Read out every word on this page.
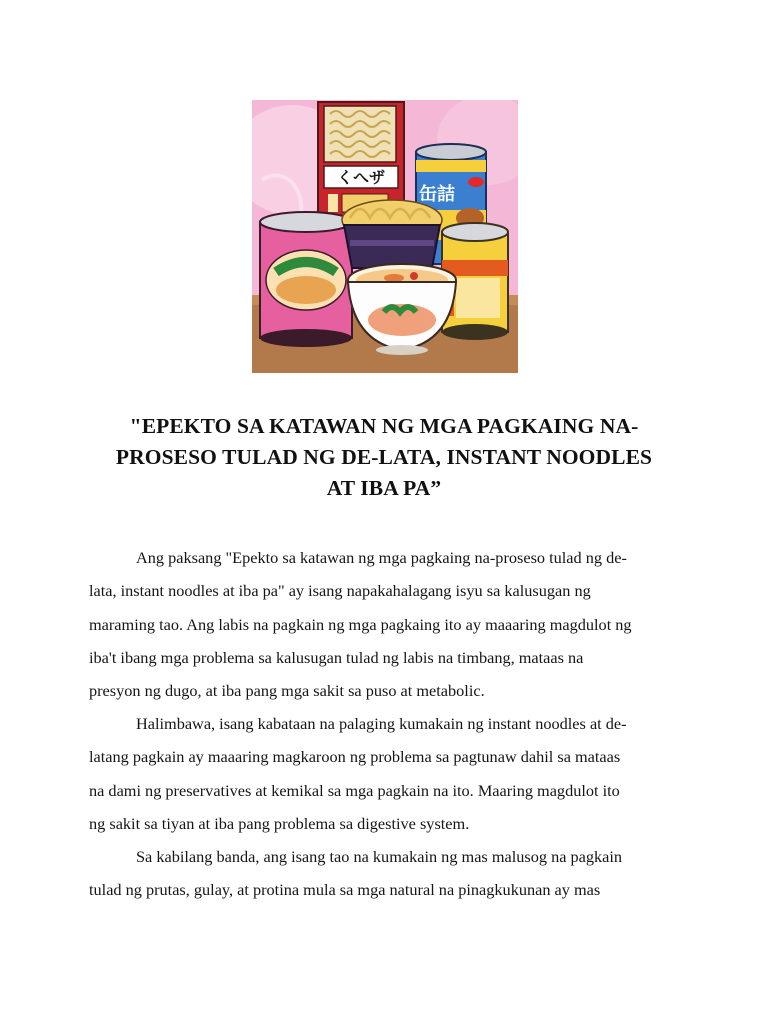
くへザ
缶詰
"EPEKTO SA KATAWAN NG MGA PAGKAING NA-
PROSESO TULAD NG DE-LATA, INSTANT NOODLES
AT IBA PA”

Ang paksang "Epekto sa katawan ng mga pagkaing na-proseso tulad ng de-
lata, instant noodles at iba pa" ay isang napakahalagang isyu sa kalusugan ng
maraming tao. Ang labis na pagkain ng mga pagkaing ito ay maaaring magdulot ng
iba't ibang mga problema sa kalusugan tulad ng labis na timbang, mataas na
presyon ng dugo, at iba pang mga sakit sa puso at metabolic.

Halimbawa, isang kabataan na palaging kumakain ng instant noodles at de-
latang pagkain ay maaaring magkaroon ng problema sa pagtunaw dahil sa mataas
na dami ng preservatives at kemikal sa mga pagkain na ito. Maaring magdulot ito
ng sakit sa tiyan at iba pang problema sa digestive system.

Sa kabilang banda, ang isang tao na kumakain ng mas malusog na pagkain
tulad ng prutas, gulay, at protina mula sa mga natural na pinagkukunan ay mas
